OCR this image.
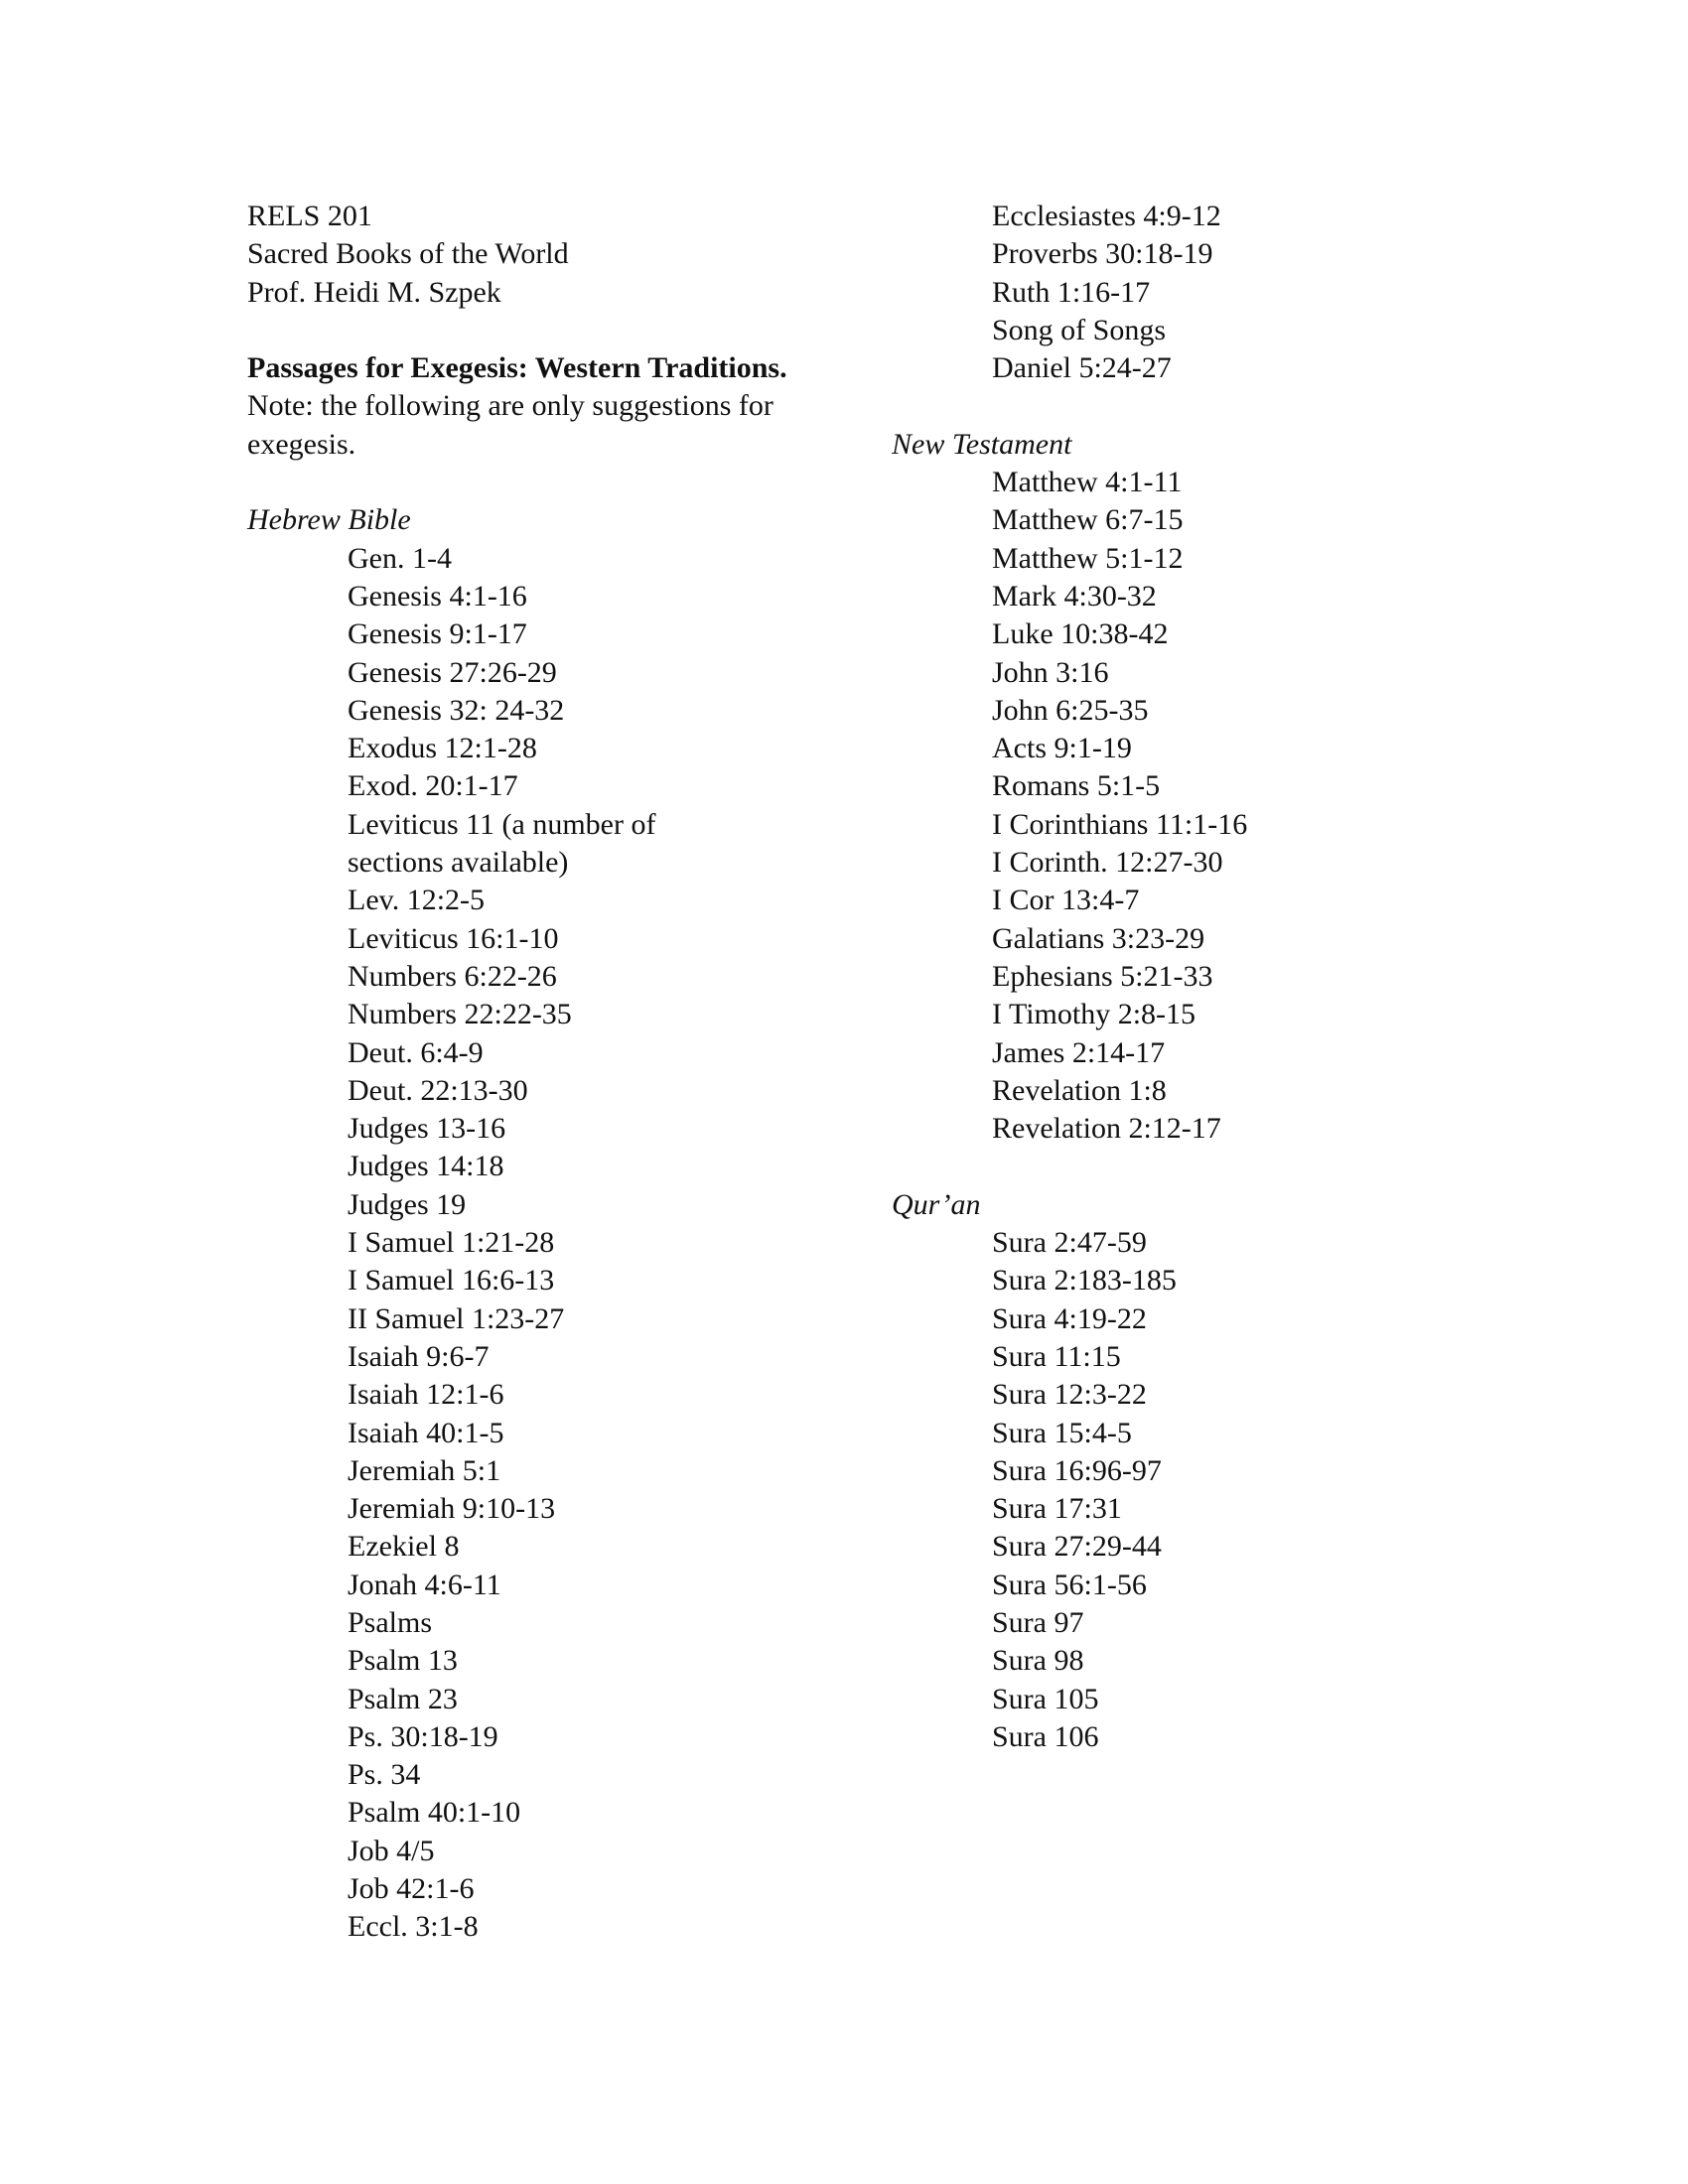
RELS 201
Sacred Books of the World
Prof. Heidi M. Szpek
Passages for Exegesis: Western Traditions. Note: the following are only suggestions for exegesis.
Hebrew Bible
Gen. 1-4
Genesis 4:1-16
Genesis 9:1-17
Genesis 27:26-29
Genesis 32: 24-32
Exodus 12:1-28
Exod. 20:1-17
Leviticus 11 (a number of sections available)
Lev. 12:2-5
Leviticus 16:1-10
Numbers 6:22-26
Numbers 22:22-35
Deut. 6:4-9
Deut. 22:13-30
Judges 13-16
Judges 14:18
Judges 19
I Samuel 1:21-28
I Samuel 16:6-13
II Samuel 1:23-27
Isaiah 9:6-7
Isaiah 12:1-6
Isaiah 40:1-5
Jeremiah 5:1
Jeremiah 9:10-13
Ezekiel 8
Jonah 4:6-11
Psalms
Psalm 13
Psalm 23
Ps. 30:18-19
Ps. 34
Psalm 40:1-10
Job 4/5
Job 42:1-6
Eccl. 3:1-8
Ecclesiastes 4:9-12
Proverbs 30:18-19
Ruth 1:16-17
Song of Songs
Daniel 5:24-27
New Testament
Matthew 4:1-11
Matthew 6:7-15
Matthew 5:1-12
Mark 4:30-32
Luke 10:38-42
John 3:16
John 6:25-35
Acts 9:1-19
Romans 5:1-5
I Corinthians 11:1-16
I Corinth. 12:27-30
I Cor 13:4-7
Galatians 3:23-29
Ephesians 5:21-33
I Timothy 2:8-15
James 2:14-17
Revelation 1:8
Revelation 2:12-17
Qur’an
Sura 2:47-59
Sura 2:183-185
Sura 4:19-22
Sura 11:15
Sura 12:3-22
Sura 15:4-5
Sura 16:96-97
Sura 17:31
Sura 27:29-44
Sura 56:1-56
Sura 97
Sura 98
Sura 105
Sura 106
